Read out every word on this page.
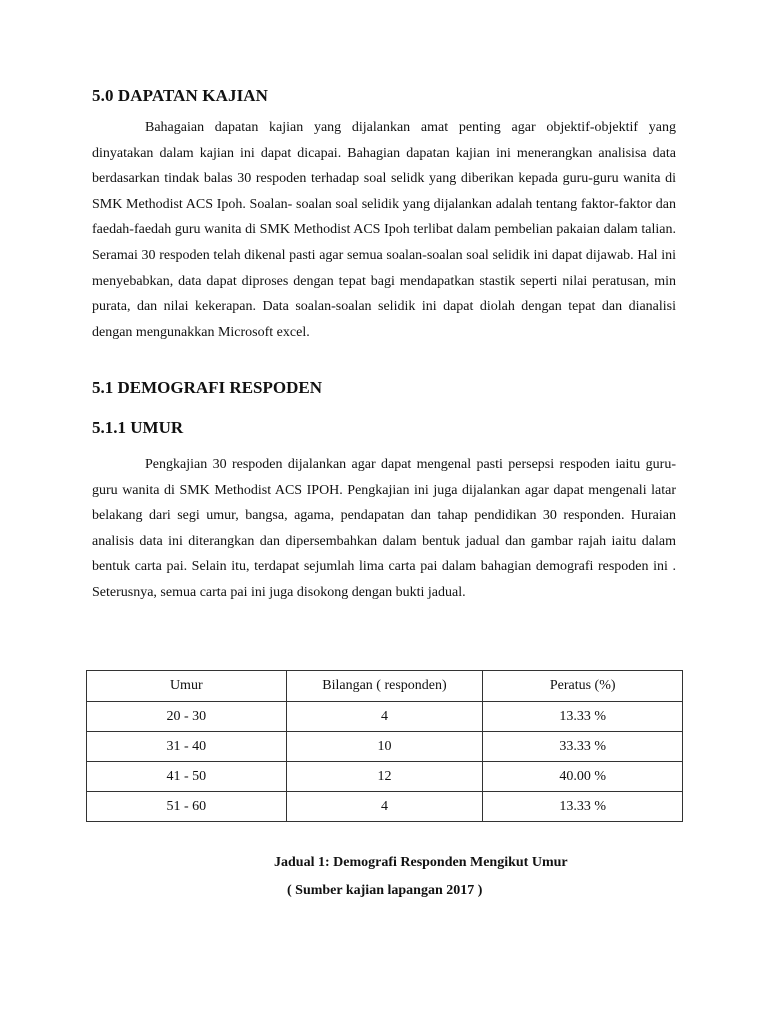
5.0 DAPATAN KAJIAN

Bahagaian dapatan kajian yang dijalankan amat penting agar objektif-objektif yang dinyatakan dalam kajian ini dapat dicapai. Bahagian dapatan kajian ini menerangkan analisisa data berdasarkan tindak balas 30 respoden terhadap soal selidk yang diberikan kepada guru-guru wanita di SMK Methodist ACS Ipoh. Soalan- soalan soal selidik yang dijalankan adalah tentang faktor-faktor dan faedah-faedah guru wanita di SMK Methodist ACS Ipoh terlibat dalam pembelian pakaian dalam talian. Seramai 30 respoden telah dikenal pasti agar semua soalan-soalan soal selidik ini dapat dijawab. Hal ini menyebabkan, data dapat diproses dengan tepat bagi mendapatkan stastik seperti nilai peratusan, min purata, dan nilai kekerapan. Data soalan-soalan selidik ini dapat diolah dengan tepat dan dianalisi dengan mengunakkan Microsoft excel.

5.1 DEMOGRAFI RESPODEN
5.1.1 UMUR

Pengkajian 30 respoden dijalankan agar dapat mengenal pasti persepsi respoden iaitu guru-guru wanita di SMK Methodist ACS IPOH. Pengkajian ini juga dijalankan agar dapat mengenali latar belakang dari segi umur, bangsa, agama, pendapatan dan tahap pendidikan 30 responden. Huraian analisis data ini diterangkan dan dipersembahkan dalam bentuk jadual dan gambar rajah iaitu dalam bentuk carta pai. Selain itu, terdapat sejumlah lima carta pai dalam bahagian demografi respoden ini . Seterusnya, semua carta pai ini juga disokong dengan bukti jadual.

Umur	Bilangan ( responden)	Peratus (%)
20 - 30	4	13.33 %
31 - 40	10	33.33 %
41 - 50	12	40.00 %
51 - 60	4	13.33 %
Jadual 1: Demografi Responden Mengikut Umur
( Sumber kajian lapangan 2017 )
